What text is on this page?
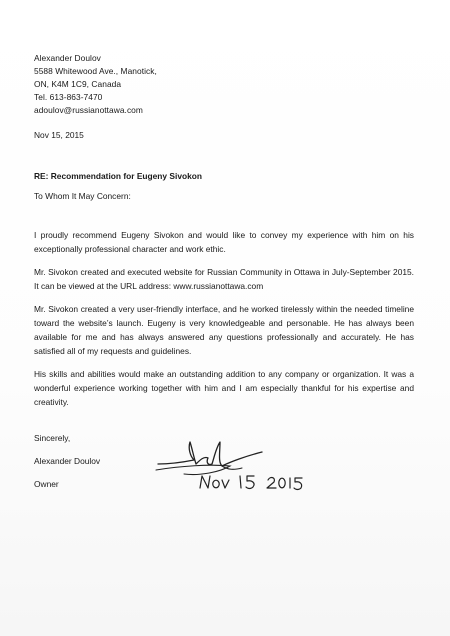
Alexander Doulov
5588 Whitewood Ave., Manotick,
ON, K4M 1C9, Canada
Tel. 613-863-7470
adoulov@russianottawa.com
Nov 15, 2015
RE: Recommendation for Eugeny Sivokon
To Whom It May Concern:

I proudly recommend Eugeny Sivokon and would like to convey my experience with him on his exceptionally professional character and work ethic.

Mr. Sivokon created and executed website for Russian Community in Ottawa in July-September 2015. It can be viewed at the URL address: www.russianottawa.com

Mr. Sivokon created a very user-friendly interface, and he worked tirelessly within the needed timeline toward the website’s launch. Eugeny is very knowledgeable and personable. He has always been available for me and has always answered any questions professionally and accurately. He has satisfied all of my requests and guidelines.

His skills and abilities would make an outstanding addition to any company or organization. It was a wonderful experience working together with him and I am especially thankful for his expertise and creativity.

Sincerely,
Alexander Doulov
Owner
